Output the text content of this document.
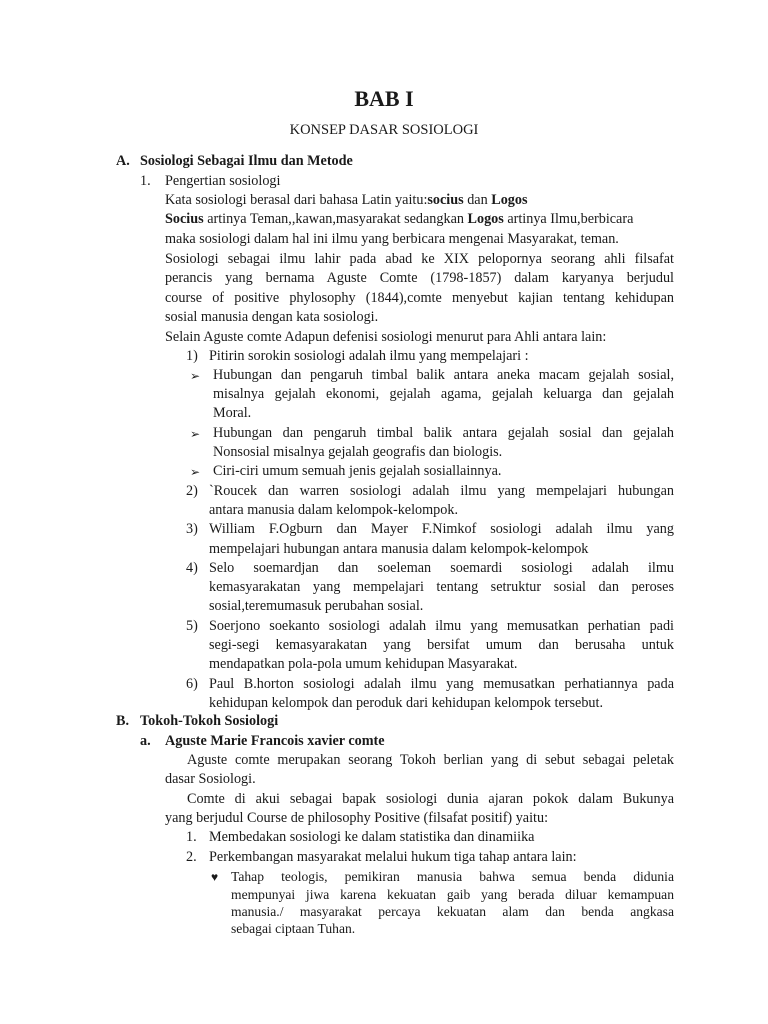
BAB I
KONSEP DASAR SOSIOLOGI
A. Sosiologi Sebagai Ilmu dan Metode
1. Pengertian sosiologi
Kata sosiologi berasal dari bahasa Latin yaitu:socius dan Logos
Socius artinya Teman,,kawan,masyarakat sedangkan Logos artinya Ilmu,berbicara
maka sosiologi dalam hal ini ilmu yang berbicara mengenai Masyarakat, teman.
Sosiologi sebagai ilmu lahir pada abad ke XIX pelopornya seorang ahli filsafat
perancis yang bernama Aguste Comte (1798-1857) dalam karyanya berjudul
course of positive phylosophy (1844),comte menyebut kajian tentang kehidupan
sosial manusia dengan kata sosiologi.
Selain Aguste comte Adapun defenisi sosiologi menurut para Ahli antara lain:
1) Pitirin sorokin sosiologi adalah ilmu yang mempelajari :
➢ Hubungan dan pengaruh timbal balik antara aneka macam gejalah sosial,
misalnya gejalah ekonomi, gejalah agama, gejalah keluarga dan gejalah
Moral.
➢ Hubungan dan pengaruh timbal balik antara gejalah sosial dan gejalah
Nonsosial misalnya gejalah geografis dan biologis.
➢ Ciri-ciri umum semuah jenis gejalah sosiallainnya.
2) `Roucek dan warren sosiologi adalah ilmu yang mempelajari hubungan
antara manusia dalam kelompok-kelompok.
3) William F.Ogburn dan Mayer F.Nimkof sosiologi adalah ilmu yang
mempelajari hubungan antara manusia dalam kelompok-kelompok
4) Selo soemardjan dan soeleman soemardi sosiologi adalah ilmu
kemasyarakatan yang mempelajari tentang setruktur sosial dan peroses
sosial,teremumasuk perubahan sosial.
5) Soerjono soekanto sosiologi adalah ilmu yang memusatkan perhatian padi
segi-segi kemasyarakatan yang bersifat umum dan berusaha untuk
mendapatkan pola-pola umum kehidupan Masyarakat.
6) Paul B.horton sosiologi adalah ilmu yang memusatkan perhatiannya pada
kehidupan kelompok dan peroduk dari kehidupan kelompok tersebut.
B. Tokoh-Tokoh Sosiologi
a. Aguste Marie Francois xavier comte
Aguste comte merupakan seorang Tokoh berlian yang di sebut sebagai peletak
dasar Sosiologi.
Comte di akui sebagai bapak sosiologi dunia ajaran pokok dalam Bukunya
yang berjudul Course de philosophy Positive (filsafat positif) yaitu:
1. Membedakan sosiologi ke dalam statistika dan dinamiika
2. Perkembangan masyarakat melalui hukum tiga tahap antara lain:
♥ Tahap teologis, pemikiran manusia bahwa semua benda didunia
mempunyai jiwa karena kekuatan gaib yang berada diluar kemampuan
manusia./ masyarakat percaya kekuatan alam dan benda angkasa
sebagai ciptaan Tuhan.
